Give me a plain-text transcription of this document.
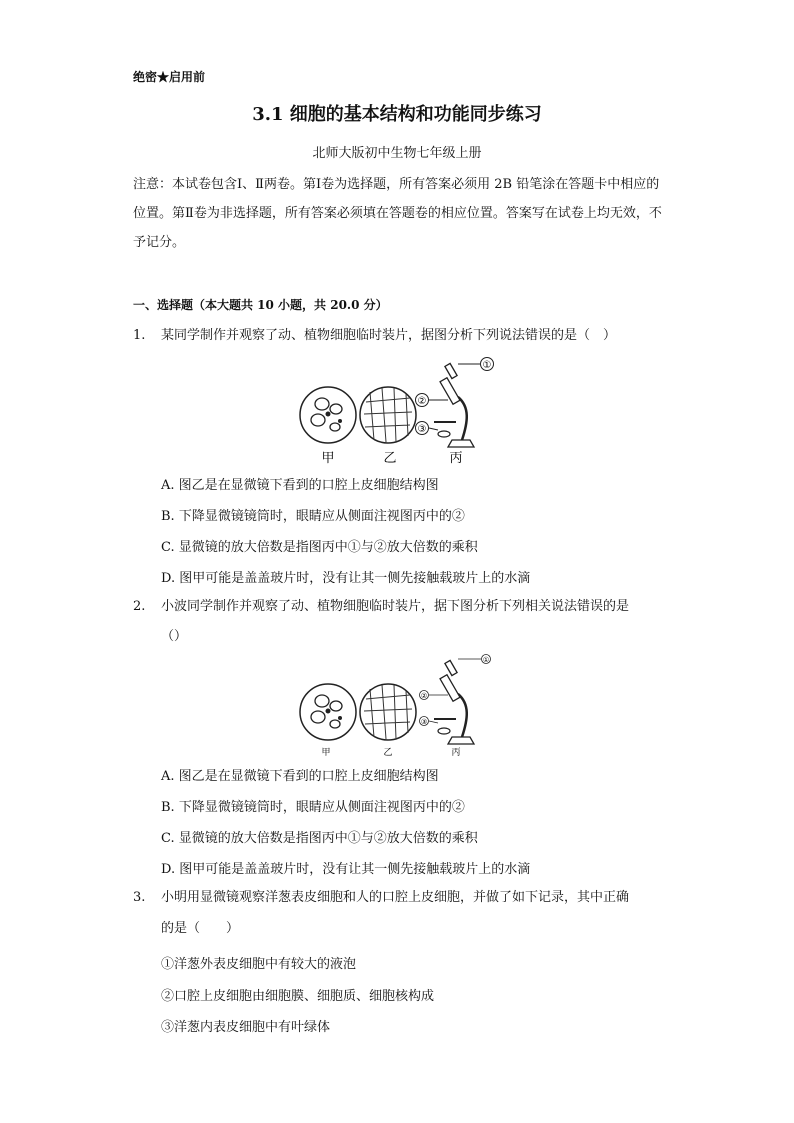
绝密★启用前
3.1 细胞的基本结构和功能同步练习
北师大版初中生物七年级上册
注意：本试卷包含Ⅰ、Ⅱ两卷。第Ⅰ卷为选择题，所有答案必须用 2B 铅笔涂在答题卡中相应的位置。第Ⅱ卷为非选择题，所有答案必须填在答题卷的相应位置。答案写在试卷上均无效，不予记分。
一、选择题（本大题共 10 小题，共 20.0 分）
1. 某同学制作并观察了动、植物细胞临时装片，据图分析下列说法错误的是（　）
①
②
③
甲	乙	丙
A. 图乙是在显微镜下看到的口腔上皮细胞结构图
B. 下降显微镜镜筒时，眼睛应从侧面注视图丙中的②
C. 显微镜的放大倍数是指图丙中①与②放大倍数的乘积
D. 图甲可能是盖盖玻片时，没有让其一侧先接触载玻片上的水滴
2. 小波同学制作并观察了动、植物细胞临时装片，据下图分析下列相关说法错误的是
（）
①
②
③
甲	乙	丙
A. 图乙是在显微镜下看到的口腔上皮细胞结构图
B. 下降显微镜镜筒时，眼睛应从侧面注视图丙中的②
C. 显微镜的放大倍数是指图丙中①与②放大倍数的乘积
D. 图甲可能是盖盖玻片时，没有让其一侧先接触载玻片上的水滴
3. 小明用显微镜观察洋葱表皮细胞和人的口腔上皮细胞，并做了如下记录，其中正确
的是（　　）
①洋葱外表皮细胞中有较大的液泡
②口腔上皮细胞由细胞膜、细胞质、细胞核构成
③洋葱内表皮细胞中有叶绿体
